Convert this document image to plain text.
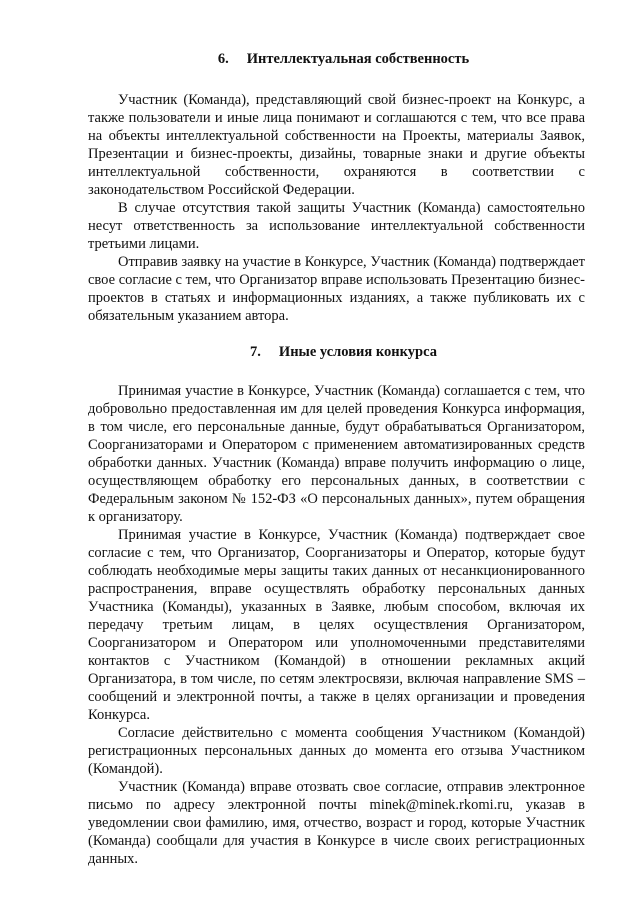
6. Интеллектуальная собственность

Участник (Команда), представляющий свой бизнес-проект на Конкурс, а также пользователи и иные лица понимают и соглашаются с тем, что все права на объекты интеллектуальной собственности на Проекты, материалы Заявок, Презентации и бизнес-проекты, дизайны, товарные знаки и другие объекты интеллектуальной собственности, охраняются в соответствии с законодательством Российской Федерации.

В случае отсутствия такой защиты Участник (Команда) самостоятельно несут ответственность за использование интеллектуальной собственности третьими лицами.

Отправив заявку на участие в Конкурсе, Участник (Команда) подтверждает свое согласие с тем, что Организатор вправе использовать Презентацию бизнес-проектов в статьях и информационных изданиях, а также публиковать их с обязательным указанием автора.

7. Иные условия конкурса

Принимая участие в Конкурсе, Участник (Команда) соглашается с тем, что добровольно предоставленная им для целей проведения Конкурса информация, в том числе, его персональные данные, будут обрабатываться Организатором, Соорганизаторами и Оператором с применением автоматизированных средств обработки данных. Участник (Команда) вправе получить информацию о лице, осуществляющем обработку его персональных данных, в соответствии с Федеральным законом № 152-ФЗ «О персональных данных», путем обращения к организатору.

Принимая участие в Конкурсе, Участник (Команда) подтверждает свое согласие с тем, что Организатор, Соорганизаторы и Оператор, которые будут соблюдать необходимые меры защиты таких данных от несанкционированного распространения, вправе осуществлять обработку персональных данных Участника (Команды), указанных в Заявке, любым способом, включая их передачу третьим лицам, в целях осуществления Организатором, Соорганизатором и Оператором или уполномоченными представителями контактов с Участником (Командой) в отношении рекламных акций Организатора, в том числе, по сетям электросвязи, включая направление SMS – сообщений и электронной почты, а также в целях организации и проведения Конкурса.

Согласие действительно с момента сообщения Участником (Командой) регистрационных персональных данных до момента его отзыва Участником (Командой).

Участник (Команда) вправе отозвать свое согласие, отправив электронное письмо по адресу электронной почты minek@minek.rkomi.ru, указав в уведомлении свои фамилию, имя, отчество, возраст и город, которые Участник (Команда) сообщали для участия в Конкурсе в числе своих регистрационных данных.
